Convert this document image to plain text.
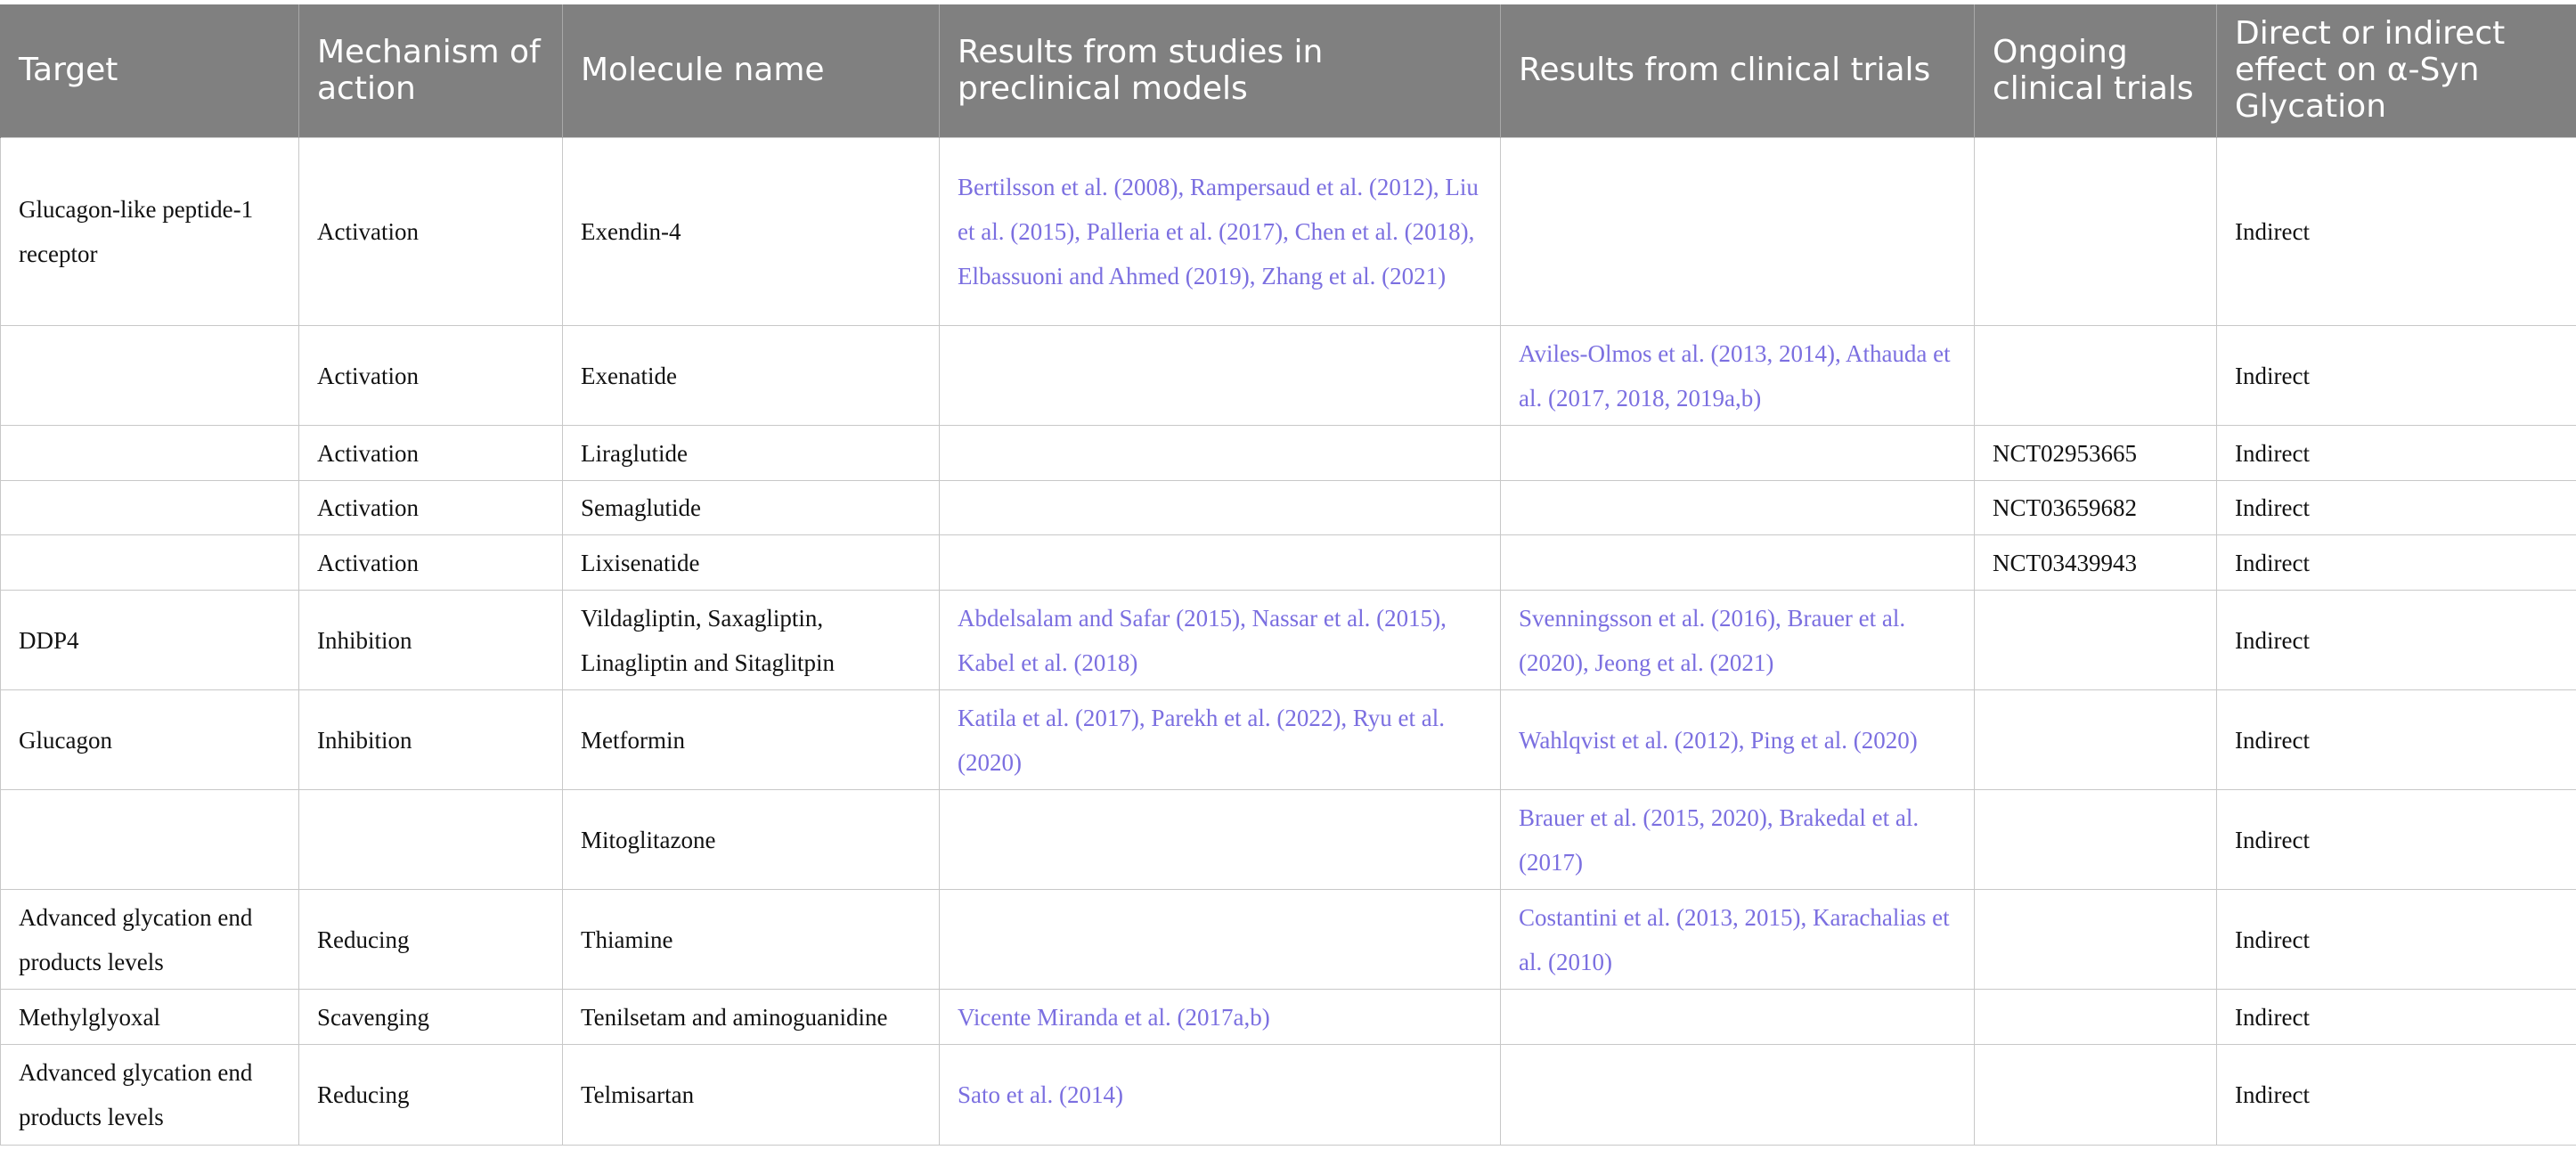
Target	Mechanism of action	Molecule name	Results from studies in preclinical models	Results from clinical trials	Ongoing clinical trials	Direct or indirect effect on α-Syn Glycation
Glucagon-like peptide-1 receptor	Activation	Exendin-4	Bertilsson et al. (2008), Rampersaud et al. (2012), Liu et al. (2015), Palleria et al. (2017), Chen et al. (2018), Elbassuoni and Ahmed (2019), Zhang et al. (2021)			Indirect
	Activation	Exenatide		Aviles-Olmos et al. (2013, 2014), Athauda et al. (2017, 2018, 2019a,b)		Indirect
	Activation	Liraglutide			NCT02953665	Indirect
	Activation	Semaglutide			NCT03659682	Indirect
	Activation	Lixisenatide			NCT03439943	Indirect
DDP4	Inhibition	Vildagliptin, Saxagliptin, Linagliptin and Sitaglitpin	Abdelsalam and Safar (2015), Nassar et al. (2015), Kabel et al. (2018)	Svenningsson et al. (2016), Brauer et al. (2020), Jeong et al. (2021)		Indirect
Glucagon	Inhibition	Metformin	Katila et al. (2017), Parekh et al. (2022), Ryu et al. (2020)	Wahlqvist et al. (2012), Ping et al. (2020)		Indirect
		Mitoglitazone		Brauer et al. (2015, 2020), Brakedal et al. (2017)		Indirect
Advanced glycation end products levels	Reducing	Thiamine		Costantini et al. (2013, 2015), Karachalias et al. (2010)		Indirect
Methylglyoxal	Scavenging	Tenilsetam and aminoguanidine	Vicente Miranda et al. (2017a,b)			Indirect
Advanced glycation end products levels	Reducing	Telmisartan	Sato et al. (2014)			Indirect
